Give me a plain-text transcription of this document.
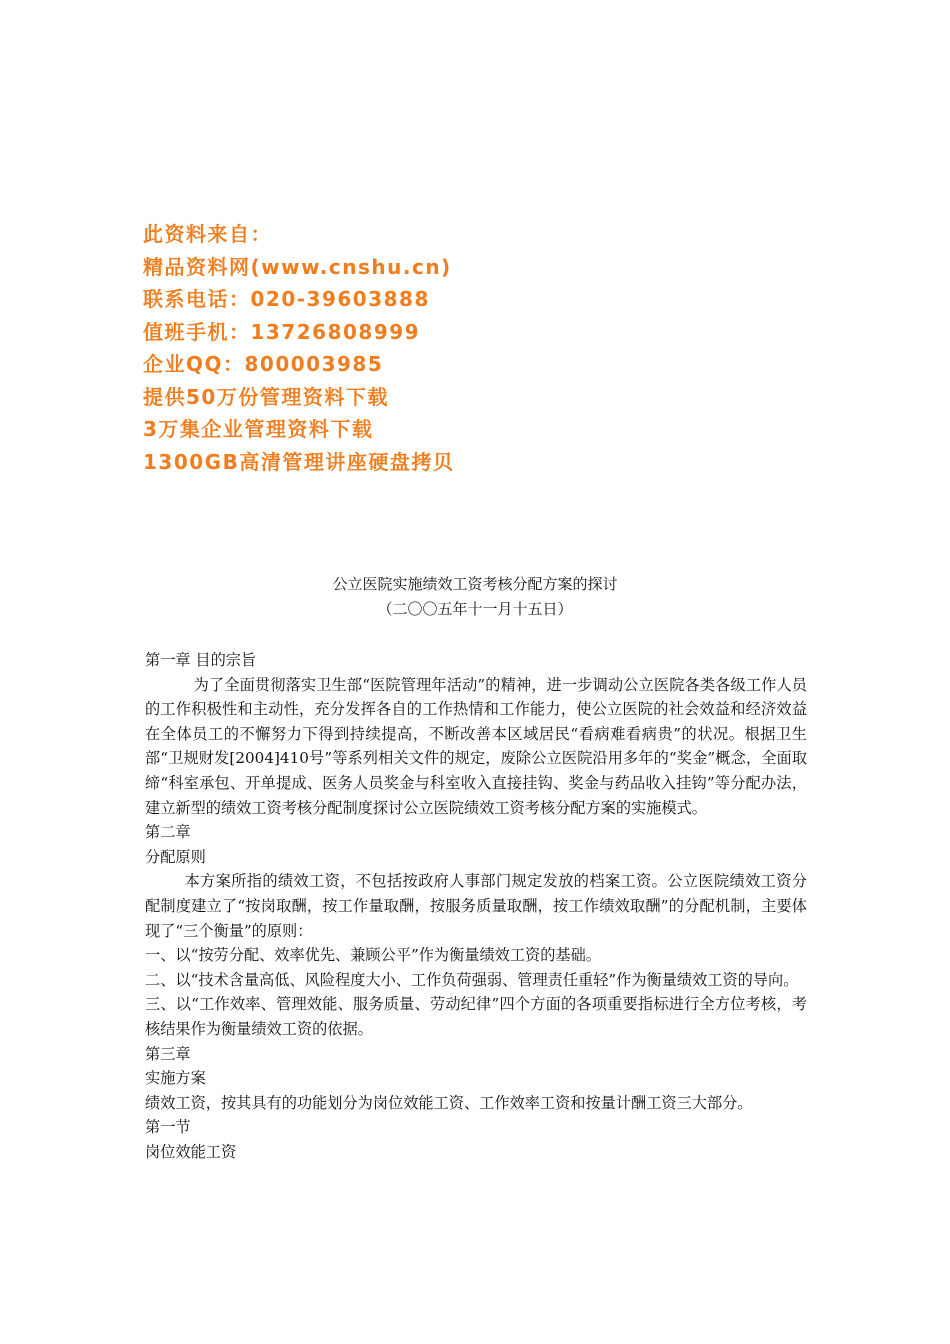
此资料来自：
精品资料网(www.cnshu.cn)
联系电话：020-39603888
值班手机：13726808999
企业QQ：800003985
提供50万份管理资料下载
3万集企业管理资料下载
1300GB高清管理讲座硬盘拷贝
公立医院实施绩效工资考核分配方案的探讨
（二〇〇五年十一月十五日）

第一章 目的宗旨

为了全面贯彻落实卫生部“医院管理年活动”的精神，进一步调动公立医院各类各级工作人员的工作积极性和主动性，充分发挥各自的工作热情和工作能力，使公立医院的社会效益和经济效益在全体员工的不懈努力下得到持续提高，不断改善本区域居民“看病难看病贵”的状况。根据卫生部“卫规财发[2004]410号”等系列相关文件的规定，废除公立医院沿用多年的“奖金”概念，全面取缔“科室承包、开单提成、医务人员奖金与科室收入直接挂钩、奖金与药品收入挂钩”等分配办法，建立新型的绩效工资考核分配制度探讨公立医院绩效工资考核分配方案的实施模式。

第二章

分配原则

本方案所指的绩效工资，不包括按政府人事部门规定发放的档案工资。公立医院绩效工资分配制度建立了“按岗取酬，按工作量取酬，按服务质量取酬，按工作绩效取酬”的分配机制，主要体现了“三个衡量”的原则：

一、以“按劳分配、效率优先、兼顾公平”作为衡量绩效工资的基础。

二、以“技术含量高低、风险程度大小、工作负荷强弱、管理责任重轻”作为衡量绩效工资的导向。

三、以“工作效率、管理效能、服务质量、劳动纪律”四个方面的各项重要指标进行全方位考核，考核结果作为衡量绩效工资的依据。

第三章

实施方案

绩效工资，按其具有的功能划分为岗位效能工资、工作效率工资和按量计酬工资三大部分。

第一节

岗位效能工资
